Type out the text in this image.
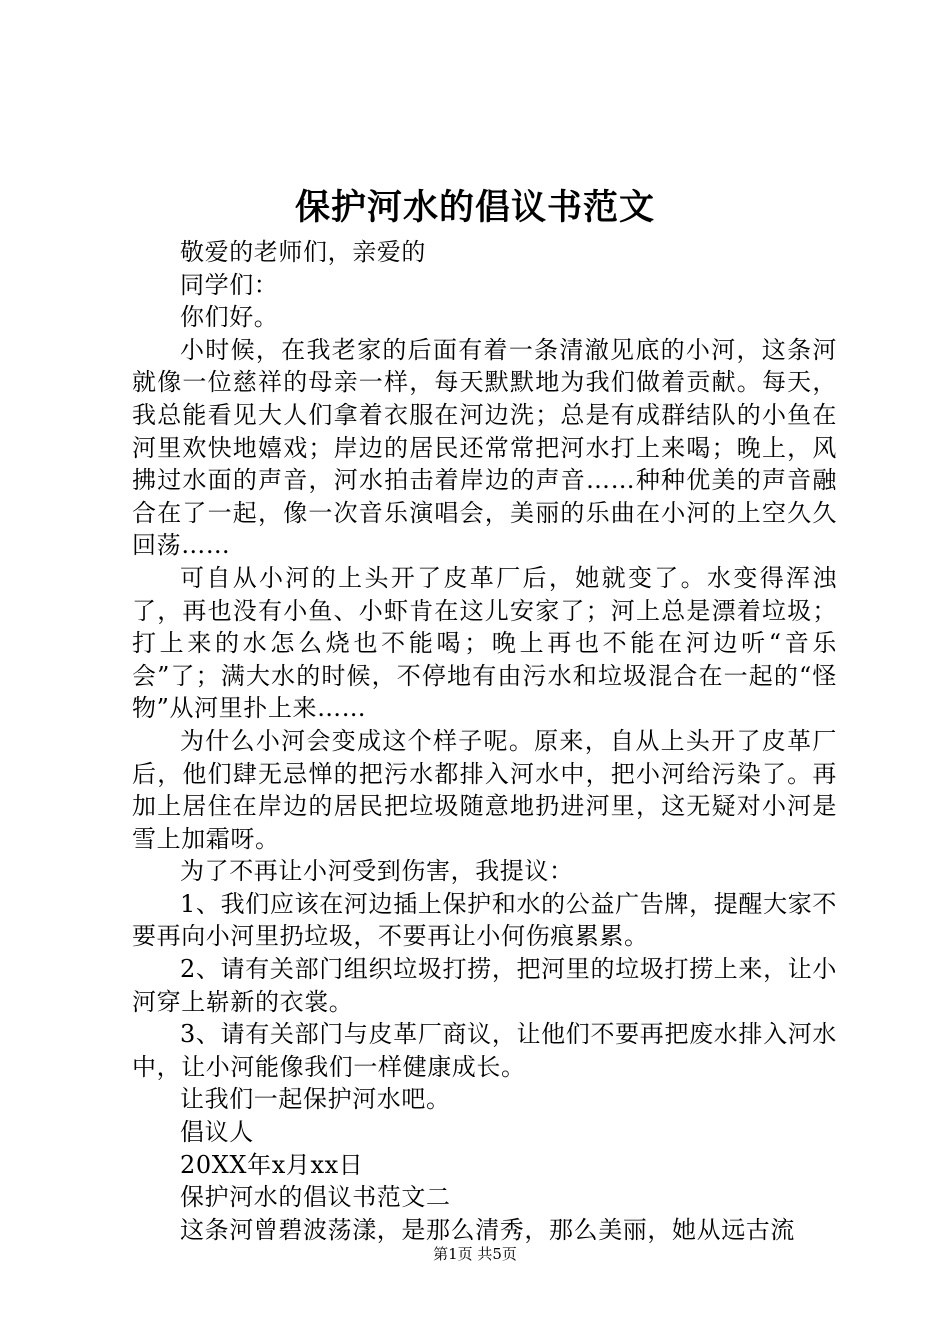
保护河水的倡议书范文

敬爱的老师们，亲爱的

同学们：

你们好。

小时候，在我老家的后面有着一条清澈见底的小河，这条河就像一位慈祥的母亲一样，每天默默地为我们做着贡献。每天，我总能看见大人们拿着衣服在河边洗；总是有成群结队的小鱼在河里欢快地嬉戏；岸边的居民还常常把河水打上来喝；晚上，风拂过水面的声音，河水拍击着岸边的声音……种种优美的声音融合在了一起，像一次音乐演唱会，美丽的乐曲在小河的上空久久回荡……

可自从小河的上头开了皮革厂后，她就变了。水变得浑浊了，再也没有小鱼、小虾肯在这儿安家了；河上总是漂着垃圾；打上来的水怎么烧也不能喝；晚上再也不能在河边听“音乐会”了；满大水的时候，不停地有由污水和垃圾混合在一起的“怪物”从河里扑上来……

为什么小河会变成这个样子呢。原来，自从上头开了皮革厂后，他们肆无忌惮的把污水都排入河水中，把小河给污染了。再加上居住在岸边的居民把垃圾随意地扔进河里，这无疑对小河是雪上加霜呀。

为了不再让小河受到伤害，我提议：

1、我们应该在河边插上保护和水的公益广告牌，提醒大家不要再向小河里扔垃圾，不要再让小何伤痕累累。

2、请有关部门组织垃圾打捞，把河里的垃圾打捞上来，让小河穿上崭新的衣裳。

3、请有关部门与皮革厂商议，让他们不要再把废水排入河水中，让小河能像我们一样健康成长。

让我们一起保护河水吧。

倡议人

20XX年x月xx日

保护河水的倡议书范文二

这条河曾碧波荡漾，是那么清秀，那么美丽，她从远古流

第1页 共5页
